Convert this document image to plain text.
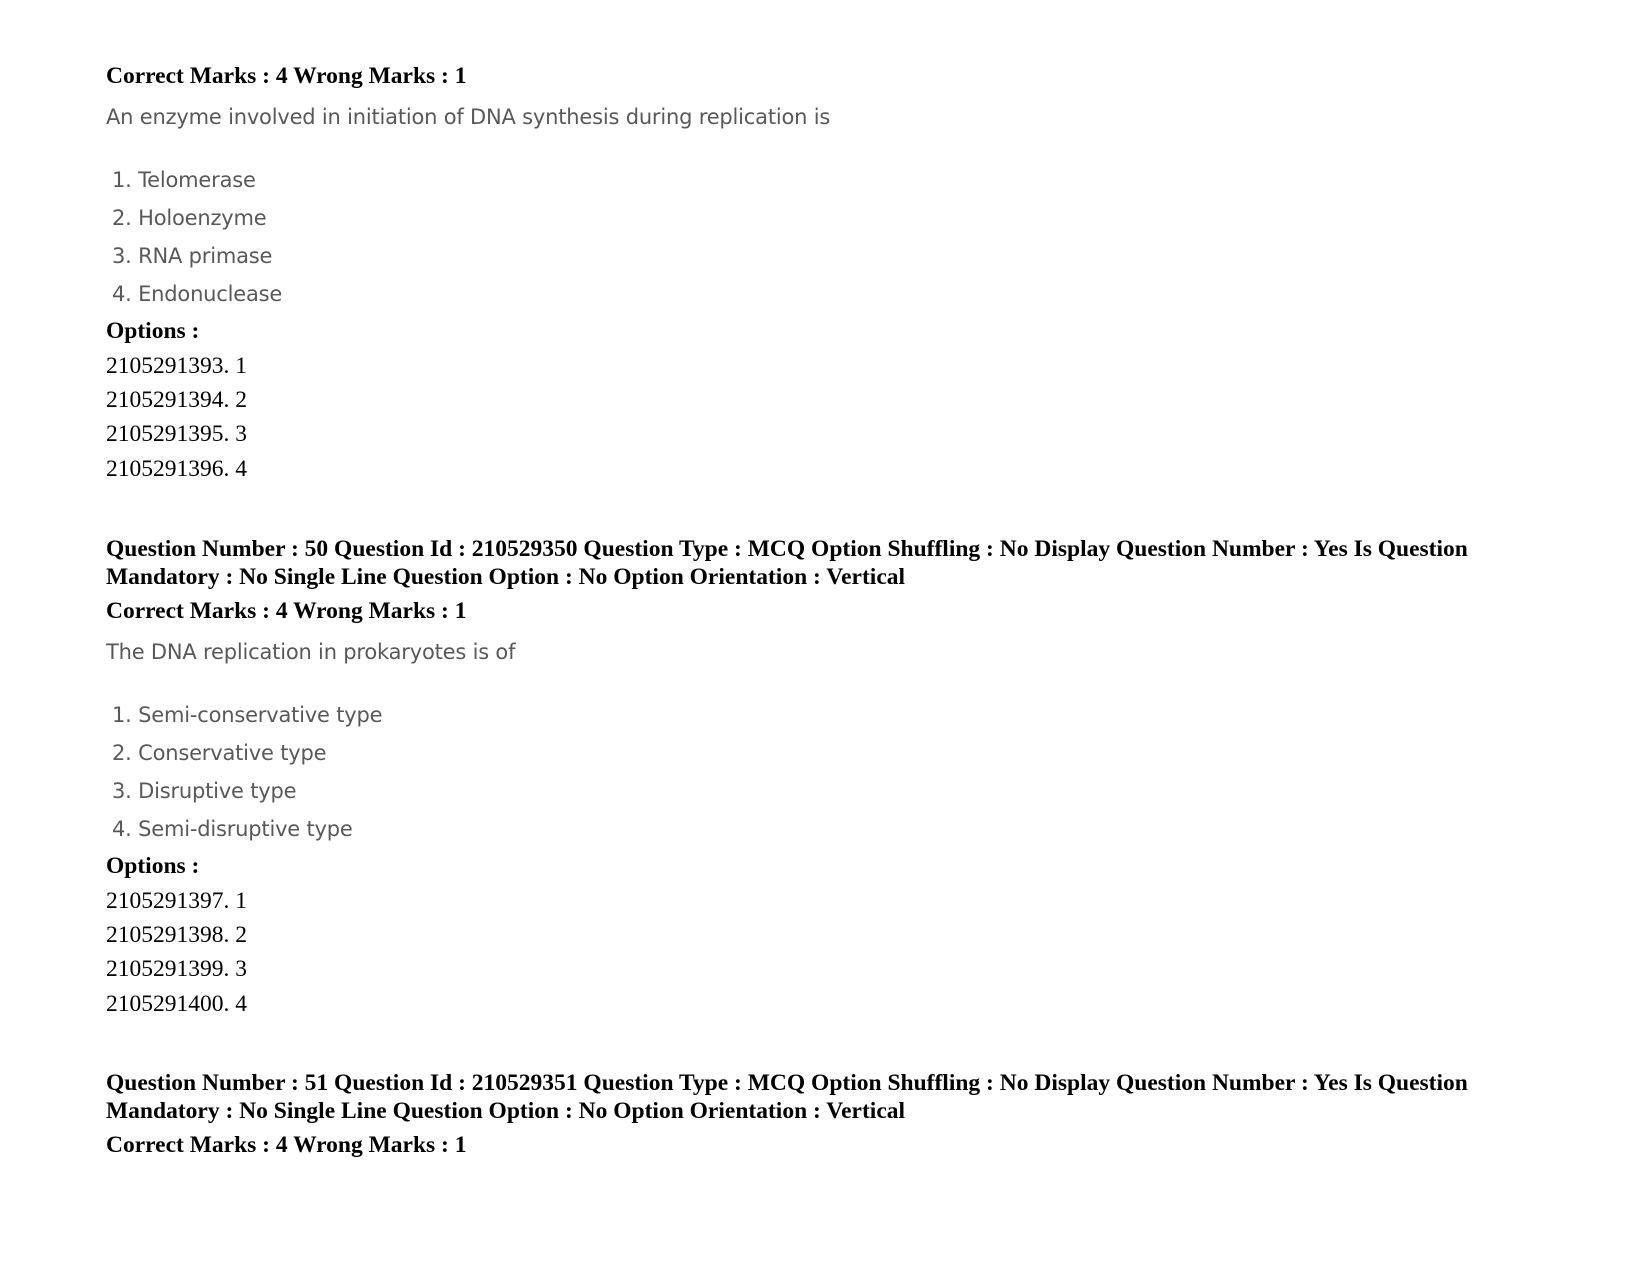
Correct Marks : 4 Wrong Marks : 1
An enzyme involved in initiation of DNA synthesis during replication is
1. Telomerase
2. Holoenzyme
3. RNA primase
4. Endonuclease
Options :
2105291393. 1
2105291394. 2
2105291395. 3
2105291396. 4
Question Number : 50 Question Id : 210529350 Question Type : MCQ Option Shuffling : No Display Question Number : Yes Is Question Mandatory : No Single Line Question Option : No Option Orientation : Vertical
Correct Marks : 4 Wrong Marks : 1
The DNA replication in prokaryotes is of
1. Semi-conservative type
2. Conservative type
3. Disruptive type
4. Semi-disruptive type
Options :
2105291397. 1
2105291398. 2
2105291399. 3
2105291400. 4
Question Number : 51 Question Id : 210529351 Question Type : MCQ Option Shuffling : No Display Question Number : Yes Is Question Mandatory : No Single Line Question Option : No Option Orientation : Vertical
Correct Marks : 4 Wrong Marks : 1
